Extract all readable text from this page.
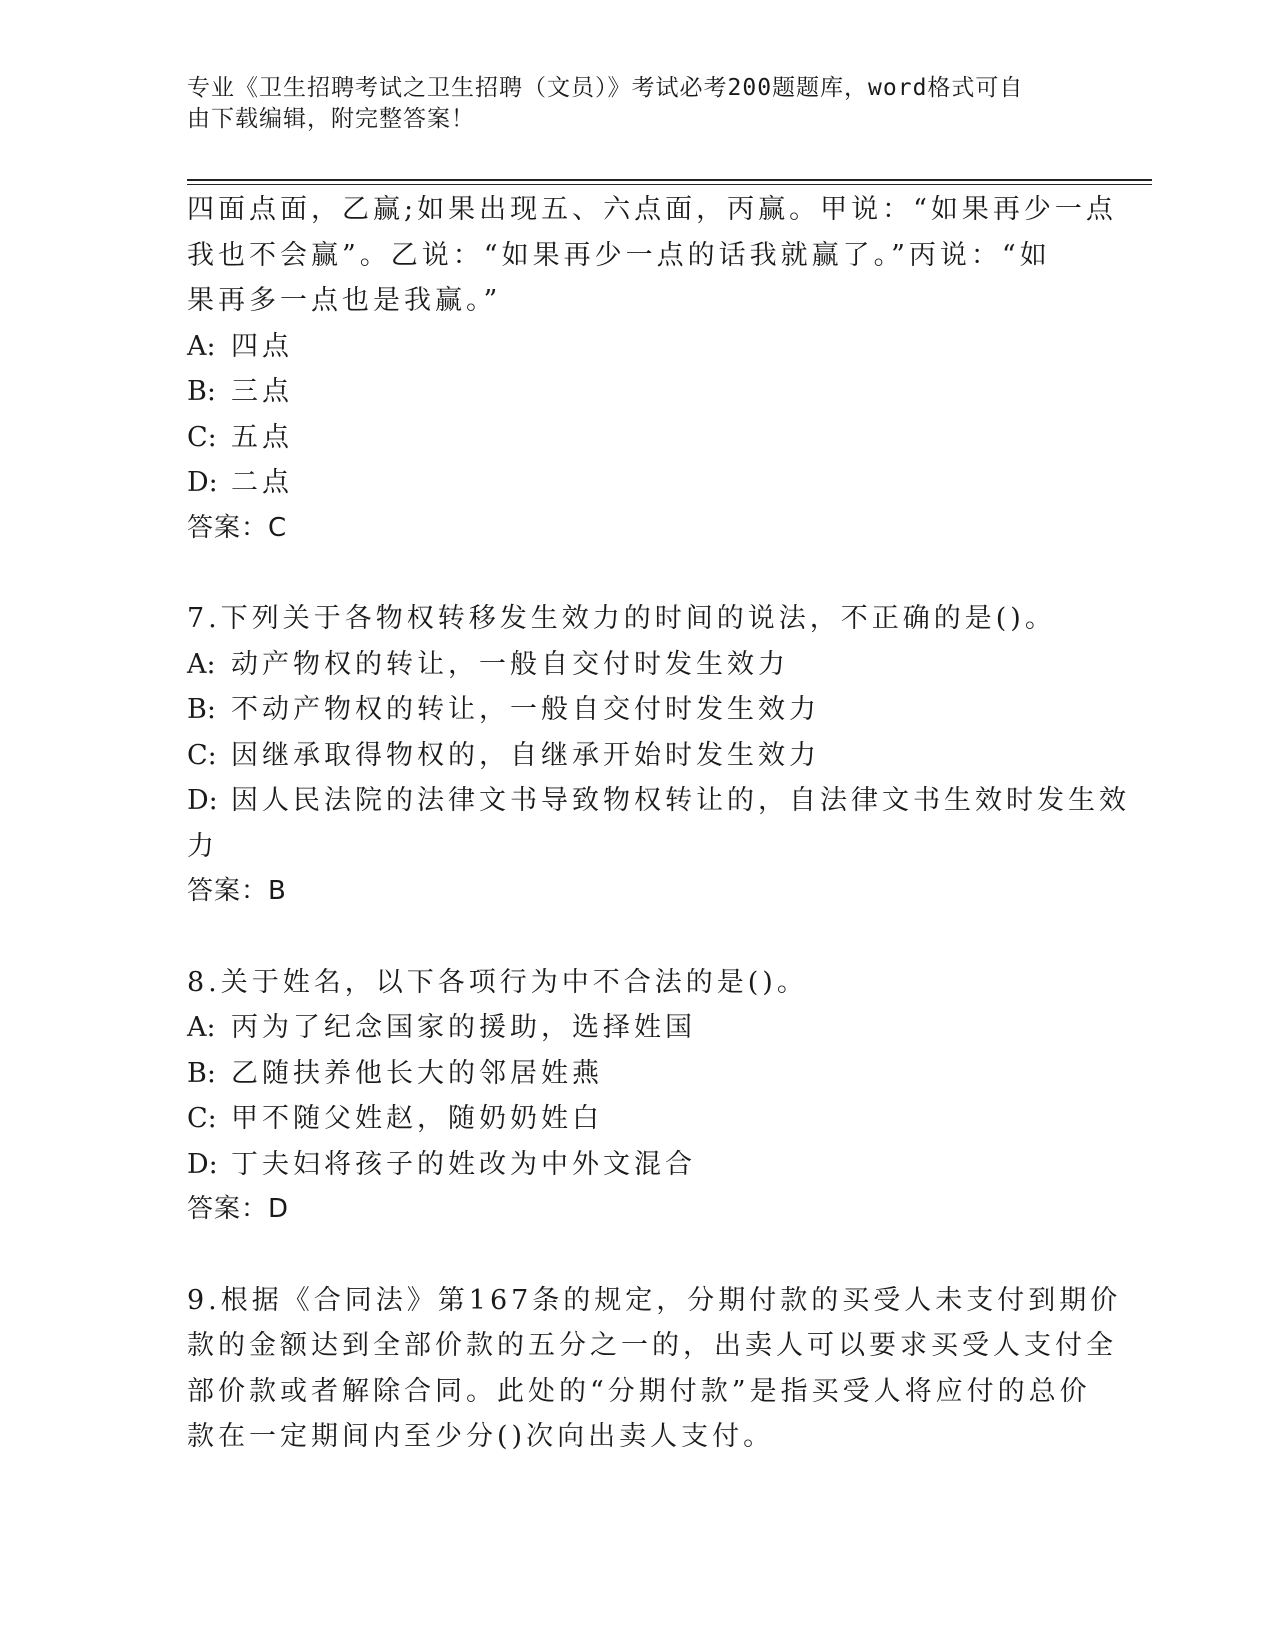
专业《卫生招聘考试之卫生招聘（文员）》考试必考200题题库，word格式可自
由下载编辑，附完整答案！
四面点面，乙赢;如果出现五、六点面，丙赢。甲说：“如果再少一点
我也不会赢”。乙说：“如果再少一点的话我就赢了。”丙说：“如
果再多一点也是我赢。”
A: 四点
B: 三点
C: 五点
D: 二点
答案：C
7.下列关于各物权转移发生效力的时间的说法，不正确的是()。
A: 动产物权的转让，一般自交付时发生效力
B: 不动产物权的转让，一般自交付时发生效力
C: 因继承取得物权的，自继承开始时发生效力
D: 因人民法院的法律文书导致物权转让的，自法律文书生效时发生效
力
答案：B
8.关于姓名，以下各项行为中不合法的是()。
A: 丙为了纪念国家的援助，选择姓国
B: 乙随扶养他长大的邻居姓燕
C: 甲不随父姓赵，随奶奶姓白
D: 丁夫妇将孩子的姓改为中外文混合
答案：D
9.根据《合同法》第167条的规定，分期付款的买受人未支付到期价
款的金额达到全部价款的五分之一的，出卖人可以要求买受人支付全
部价款或者解除合同。此处的“分期付款”是指买受人将应付的总价
款在一定期间内至少分()次向出卖人支付。
